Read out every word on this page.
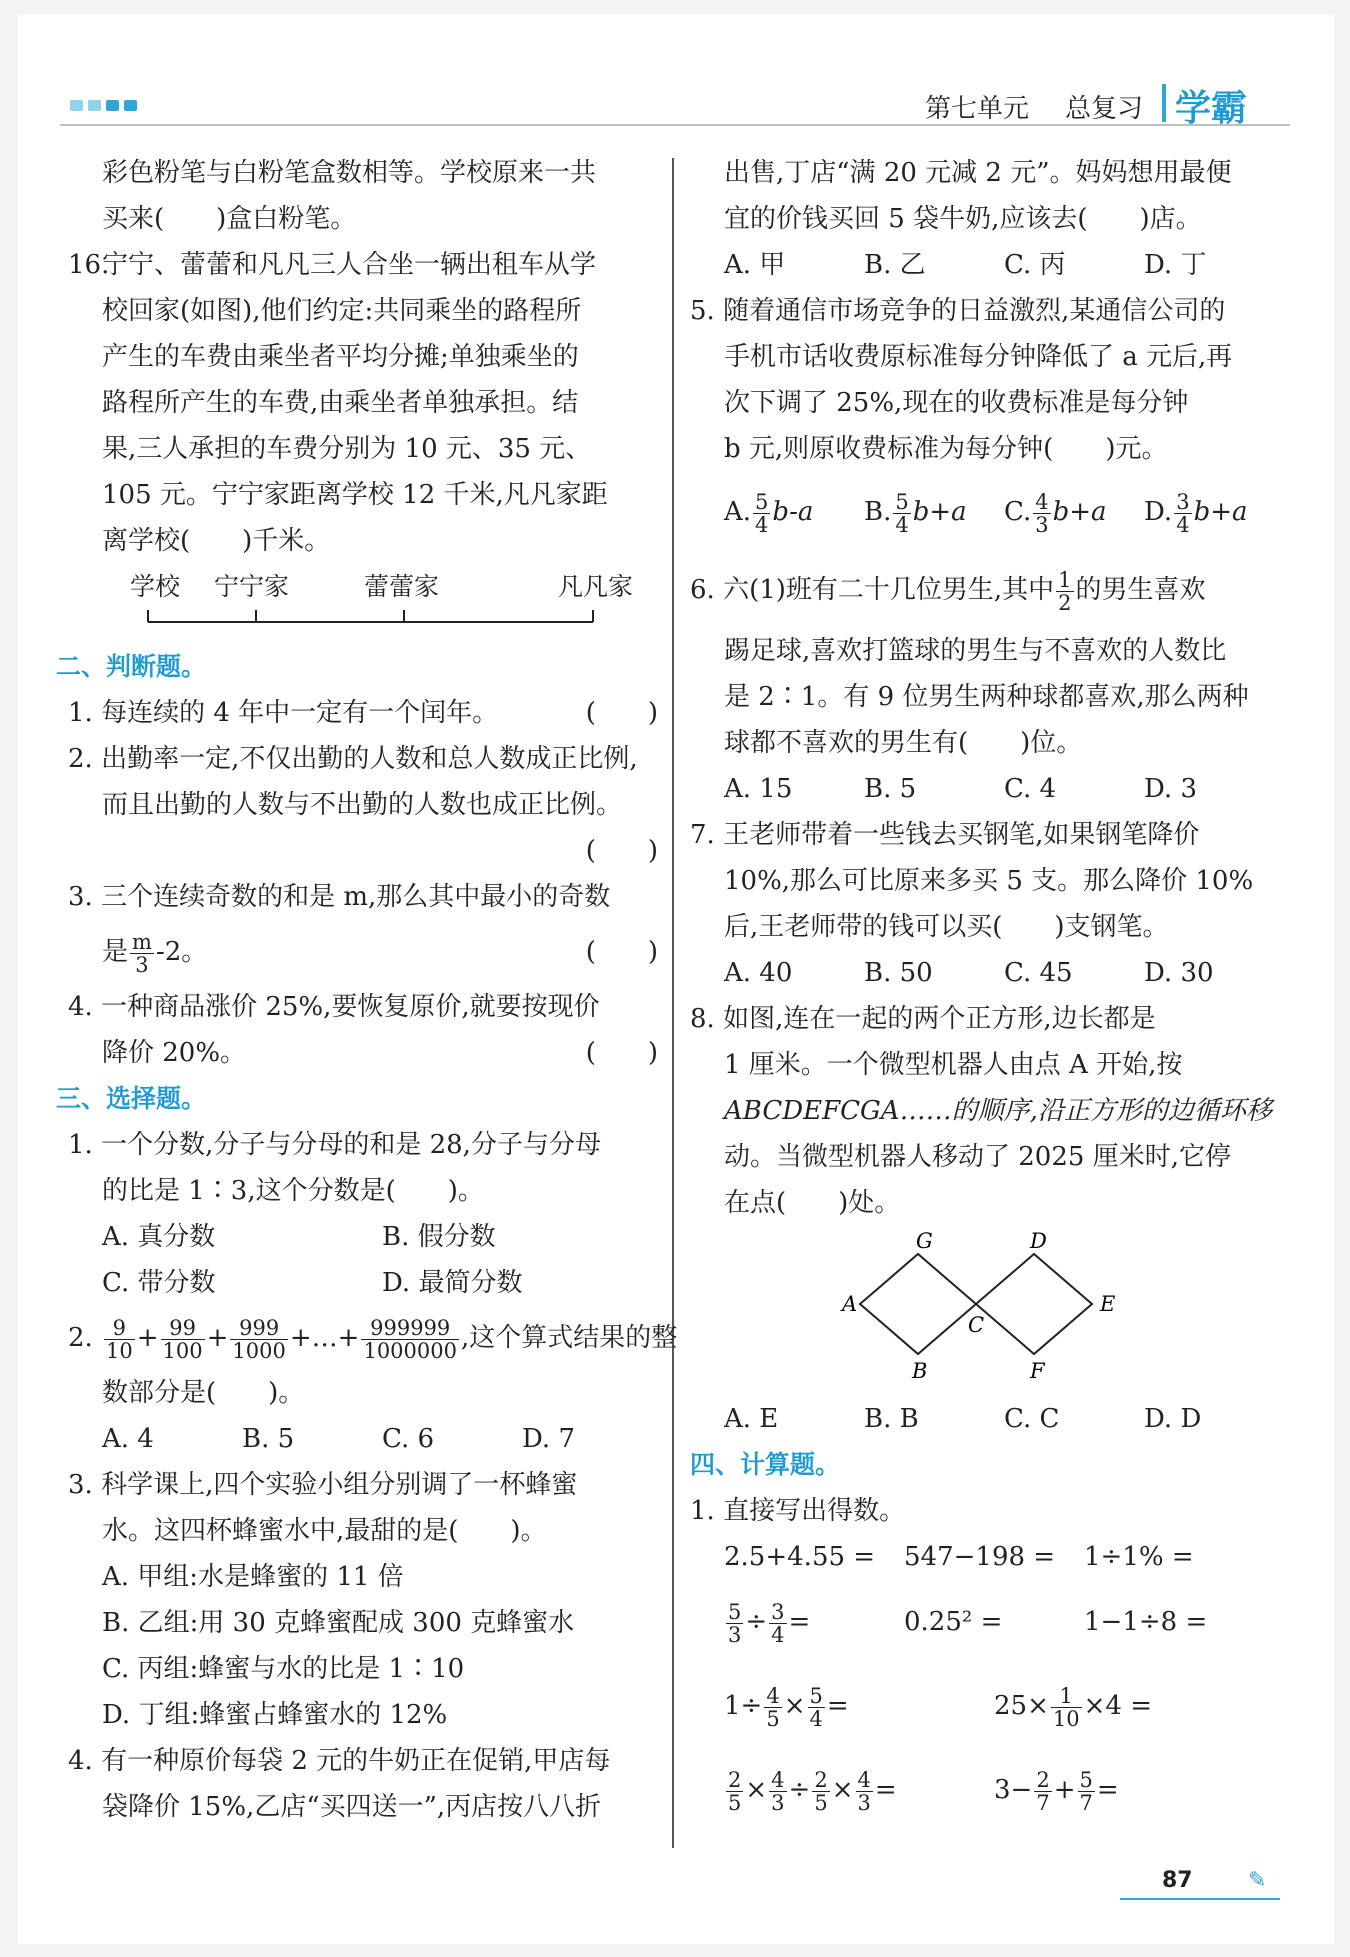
第七单元 总复习 学霸
彩色粉笔与白粉笔盒数相等。学校原来一共
买来(　　)盒白粉笔。
16.宁宁、蕾蕾和凡凡三人合坐一辆出租车从学
校回家(如图),他们约定:共同乘坐的路程所
产生的车费由乘坐者平均分摊;单独乘坐的
路程所产生的车费,由乘坐者单独承担。结
果,三人承担的车费分别为 10 元、35 元、
105 元。宁宁家距离学校 12 千米,凡凡家距
离学校(　　)千米。
学校 宁宁家	蕾蕾家	凡凡家
二、判断题。
1. 每连续的 4 年中一定有一个闰年。	(　　)
2. 出勤率一定,不仅出勤的人数和总人数成正比例,
而且出勤的人数与不出勤的人数也成正比例。
(　　)
3. 三个连续奇数的和是 m,那么其中最小的奇数
是 $\frac{m}{3} -2$。	(　　)
4. 一种商品涨价 25%,要恢复原价,就要按现价
降价 20%。	(　　)
三、选择题。
1. 一个分数,分子与分母的和是 28,分子与分母
的比是 1∶3,这个分数是(　　)。
A. 真分数	B. 假分数
C. 带分数	D. 最简分数
2. $\frac{9}{10} + \frac{99}{100} + \frac{999}{1000}$ +…+ $\frac{999999}{1000000}$ ,这个算式结果的整
数部分是(　　)。
A. 4	B. 5	C. 6	D. 7
3. 科学课上,四个实验小组分别调了一杯蜂蜜
水。这四杯蜂蜜水中,最甜的是(　　)。
A. 甲组:水是蜂蜜的 11 倍
B. 乙组:用 30 克蜂蜜配成 300 克蜂蜜水
C. 丙组:蜂蜜与水的比是 1∶10
D. 丁组:蜂蜜占蜂蜜水的 12%
4. 有一种原价每袋 2 元的牛奶正在促销,甲店每
袋降价 15%,乙店“买四送一”,丙店按八八折
出售,丁店“满 20 元减 2 元”。妈妈想用最便
宜的价钱买回 5 袋牛奶,应该去(　　)店。
A. 甲	B. 乙	C. 丙	D. 丁
5. 随着通信市场竞争的日益激烈,某通信公司的
手机市话收费原标准每分钟降低了 a 元后,再
次下调了 25%,现在的收费标准是每分钟
b 元,则原收费标准为每分钟(　　)元。
A. $\frac{5}{4} b-a$	B. $\frac{5}{4} b+a$	C. $\frac{4}{3} b+a$	D. $\frac{3}{4} b+a$
6. 六(1)班有二十几位男生,其中 $\frac{1}{2}$ 的男生喜欢
踢足球,喜欢打篮球的男生与不喜欢的人数比
是 2∶1。有 9 位男生两种球都喜欢,那么两种
球都不喜欢的男生有(　　)位。
A. 15	B. 5	C. 4	D. 3
7. 王老师带着一些钱去买钢笔,如果钢笔降价
10%,那么可比原来多买 5 支。那么降价 10%
后,王老师带的钱可以买(　　)支钢笔。
A. 40	B. 50	C. 45	D. 30
8. 如图,连在一起的两个正方形,边长都是
1 厘米。一个微型机器人由点 A 开始,按
ABCDEFCGA……的顺序,沿正方形的边循环移
动。当微型机器人移动了 2025 厘米时,它停
在点(　　)处。
G	D
A	E
C
B	F
A. E	B. B	C. C	D. D
四、计算题。
1. 直接写出得数。
2.5+4.55 =	547−198 =	1÷1% =
$\frac{5}{3} \div \frac{3}{4}$ =	0.25² =	1−1÷8 =
$1\div \frac{4}{5} \times \frac{5}{4}$ =	$25\times \frac{1}{10} \times 4$ =
$\frac{2}{5} \times \frac{4}{3} \div \frac{2}{5} \times \frac{4}{3}$ =	$3- \frac{2}{7} + \frac{5}{7}$ =
87	✎
